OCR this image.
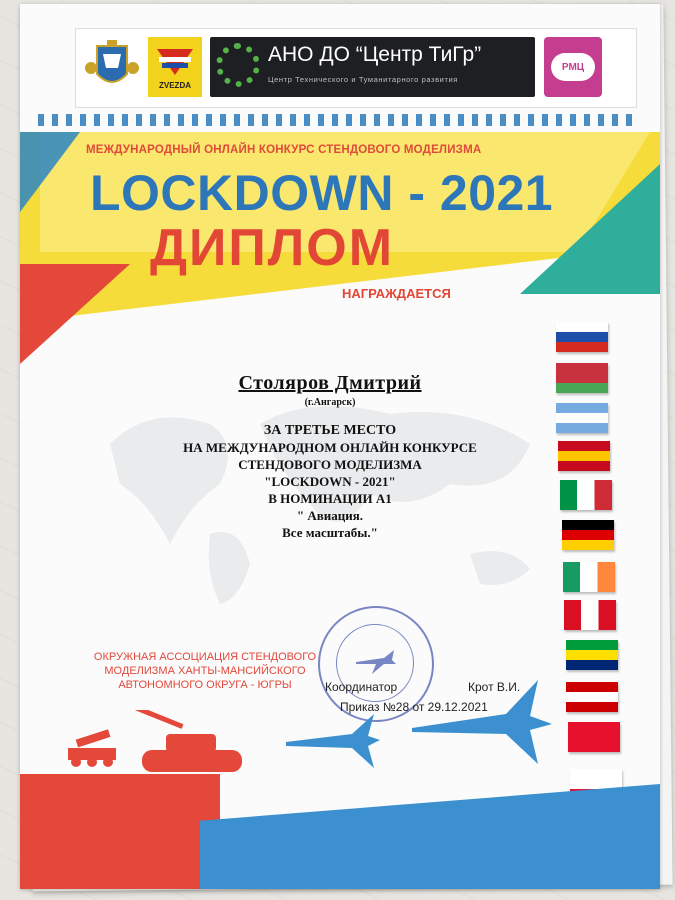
ZVEZDA
АНО ДО “Центр ТиГр”
Центр Технического и Туманитарного развития
РМЦ
МЕЖДУНАРОДНЫЙ ОНЛАЙН КОНКУРС СТЕНДОВОГО МОДЕЛИЗМА
LOCKDOWN - 2021
ДИПЛОМ
НАГРАЖДАЕТСЯ
Столяров Дмитрий
(г.Ангарск)
ЗА ТРЕТЬЕ МЕСТО
НА МЕЖДУНАРОДНОМ ОНЛАЙН КОНКУРСЕ
СТЕНДОВОГО МОДЕЛИЗМА
"LOCKDOWN - 2021"
В НОМИНАЦИИ А1
" Авиация.
Все масштабы."
ОКРУЖНАЯ АССОЦИАЦИЯ СТЕНДОВОГО
МОДЕЛИЗМА ХАНТЫ-МАНСИЙСКОГО
АВТОНОМНОГО ОКРУГА - ЮГРЫ	Координатор	Крот В.И.
Приказ №28 от 29.12.2021
